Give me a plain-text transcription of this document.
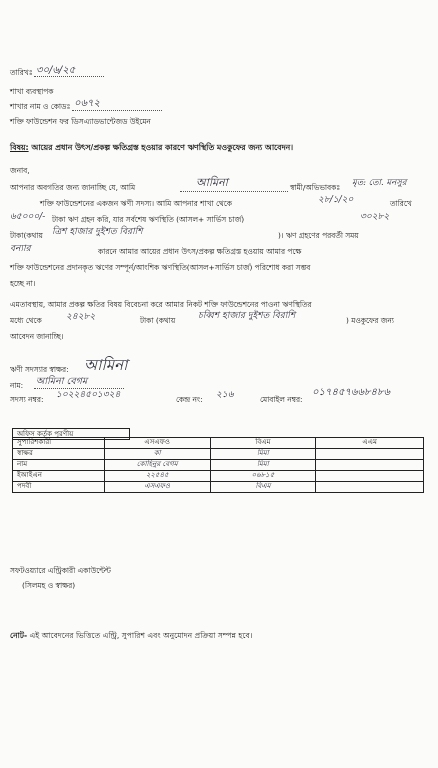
তারিখঃ ৩০/৬/২৫
শাখা ব্যবস্থাপক
শাখার নাম ও কোডঃ ০৬৭২
শক্তি ফাউন্ডেশন ফর ডিসএ্যাডভান্টেজড উইমেন
বিষয়: আয়ের প্রধান উৎস/প্রকল্প ক্ষতিগ্রস্ত হওয়ার কারণে ঋণস্থিতি মওকুফের জন্য আবেদন।
জনাব,
আপনার অবগতির জন্য জানাচ্ছি যে, আমি	আমিনা	স্বামী/অভিভাবকঃ মৃত: তো. মনসুর
শক্তি ফাউন্ডেশনের একজন ঋণী সদস্য। আমি আপনার শাখা থেকে	২৮/১/২০	তারিখে
৬৫০০০/- টাকা ঋণ গ্রহন করি, যার সর্বশেষ ঋণস্থিতি (আসল+ সার্ভিস চার্জ)	৩০২৮২
টাকা(কথায় ত্রিশ হাজার দুইশত বিরাশি	)। ঋণ গ্রহণের পরবর্তী সময়
বন্যার	কারনে আমার আয়ের প্রধান উৎস/প্রকল্প ক্ষতিগ্রস্ত হওয়ায় আমার পক্ষে
শক্তি ফাউন্ডেশনের প্রদানকৃত ঋণের সম্পূর্ন/আংশিক ঋণস্থিতি(আসল+সার্ভিস চার্জ) পরিশোধ করা সম্ভব
হচ্ছে না।
এমতাবস্থায়, আমার প্রকল্প ক্ষতির বিষয় বিবেচনা করে আমার নিকট শক্তি ফাউন্ডেশনের পাওনা ঋণস্থিতির
মধ্যে থেকে	২৪২৮২	টাকা (কথায়	চব্বিশ হাজার দুইশত বিরাশি	) মওকুফের জন্য
আবেদন জানাচ্ছি।
ঋণী সদস্যার স্বাক্ষর: আমিনা
নাম: আমিনা বেগম
সদস্য নম্বর: ১০২২৪৫০১৩২৪	কেন্দ্র নং: ২১৬	মোবাইল নম্বর:
০১৭৪৫৭৬৬৮৪৮৬
অফিস কর্তৃক পূরণীয়
সুপারিশকারী	এসএফও	বিএম	এএম
স্বাক্ষর	কা	মিমা	
নাম	কোহিনুর বেগম	মিমা	
ইআইএন	২২৫৪৫	০৬৮১৫	
পদবী	এসএফও	বিএম	
সফটওয়্যারে এন্ট্রিকারী একাউন্টেন্ট
(সিলমহ ও স্বাক্ষর)
নোট- এই আবেদনের ভিত্তিতে এন্ট্রি, সুপারিশ এবং অনুমোদন প্রক্রিয়া সম্পন্ন হবে।
